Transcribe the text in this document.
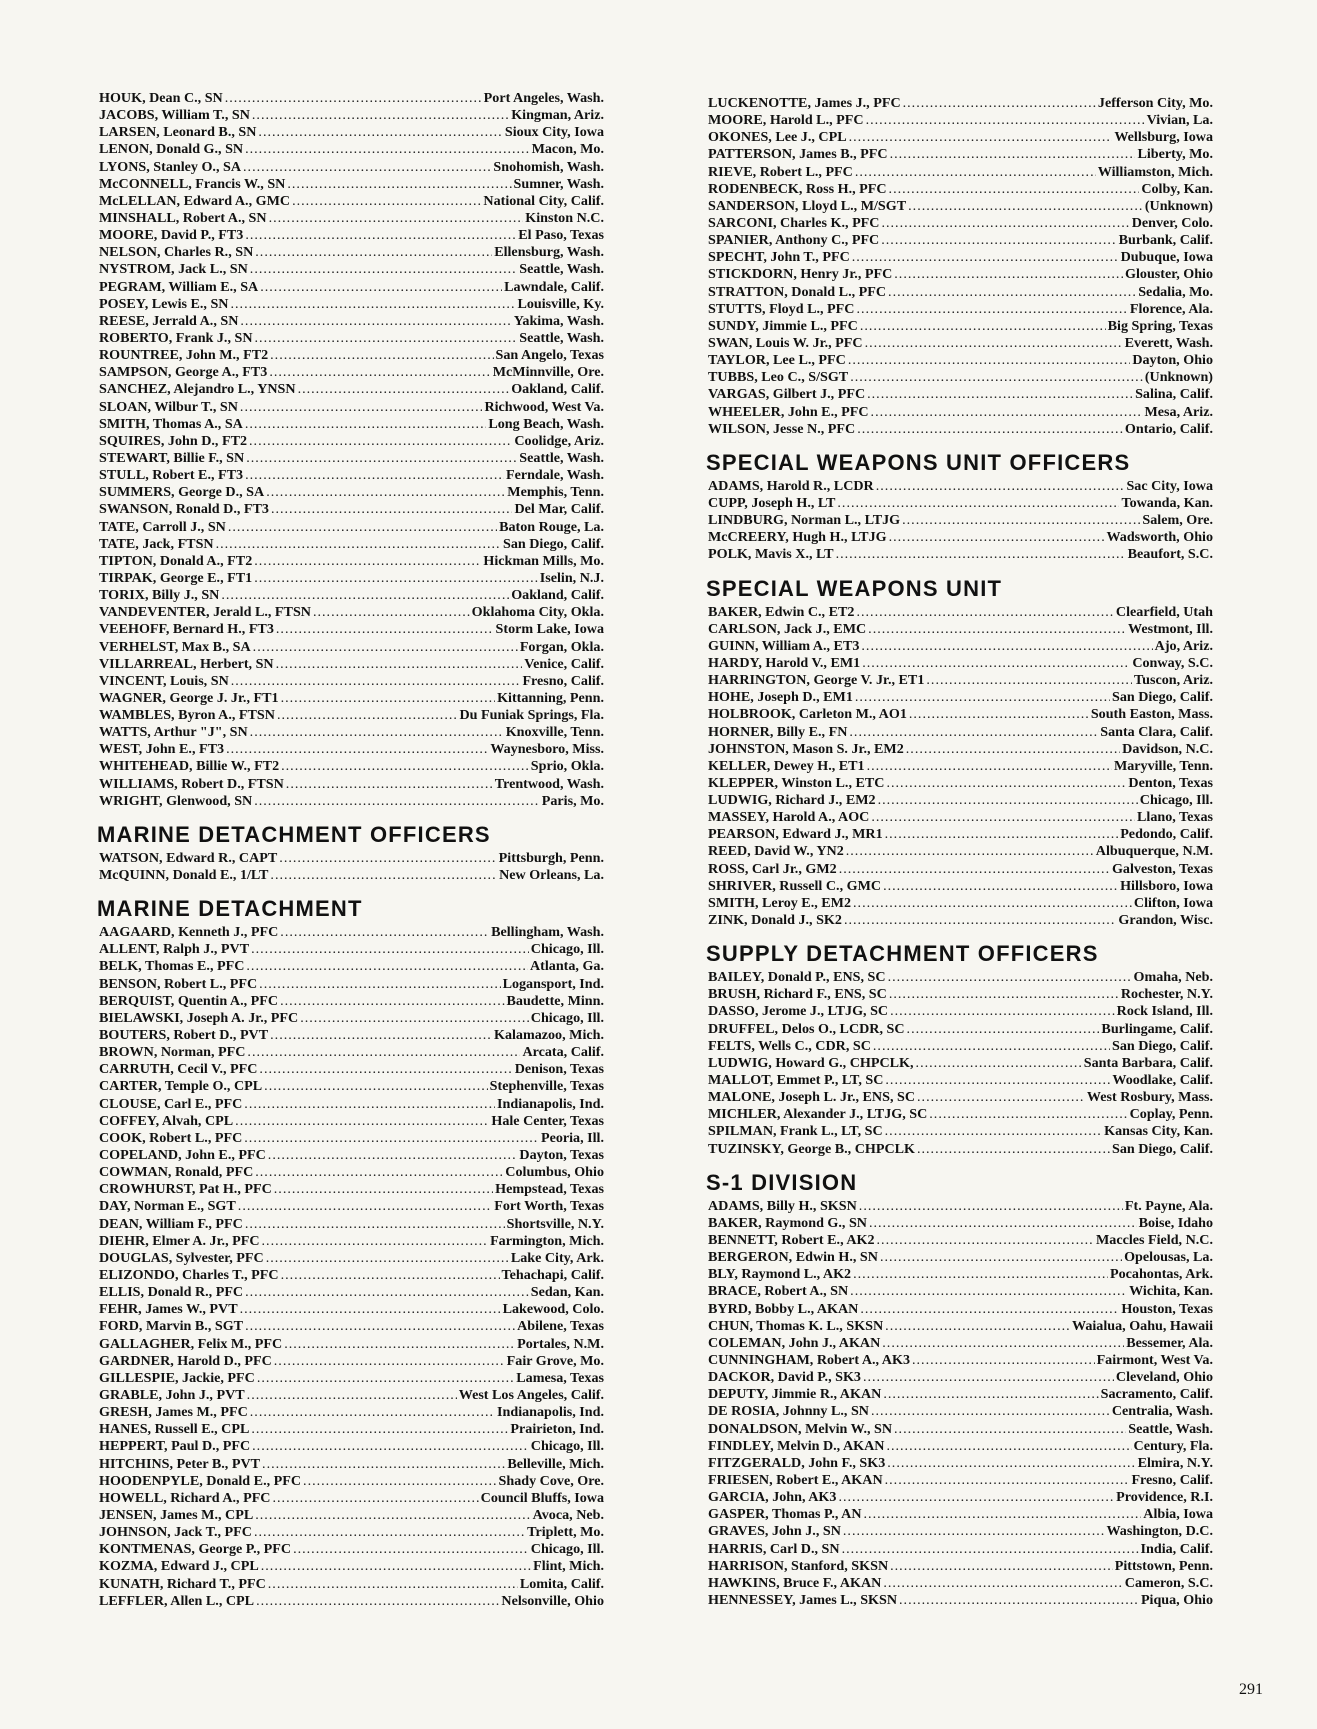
HOUK, Dean C., SN .....	Port Angeles, Wash.
JACOBS, William T., SN .....	Kingman, Ariz.
LARSEN, Leonard B., SN .....	Sioux City, Iowa
LENON, Donald G., SN .....	Macon, Mo.
LYONS, Stanley O., SA .....	Snohomish, Wash.
McCONNELL, Francis W., SN .....	Sumner, Wash.
McLELLAN, Edward A., GMC .....	National City, Calif.
MINSHALL, Robert A., SN .....	Kinston N.C.
MOORE, David P., FT3 .....	El Paso, Texas
NELSON, Charles R., SN .....	Ellensburg, Wash.
NYSTROM, Jack L., SN .....	Seattle, Wash.
PEGRAM, William E., SA .....	Lawndale, Calif.
POSEY, Lewis E., SN .....	Louisville, Ky.
REESE, Jerrald A., SN .....	Yakima, Wash.
ROBERTO, Frank J., SN .....	Seattle, Wash.
ROUNTREE, John M., FT2 .....	San Angelo, Texas
SAMPSON, George A., FT3 .....	McMinnville, Ore.
SANCHEZ, Alejandro L., YNSN .....	Oakland, Calif.
SLOAN, Wilbur T., SN .....	Richwood, West Va.
SMITH, Thomas A., SA .....	Long Beach, Wash.
SQUIRES, John D., FT2 .....	Coolidge, Ariz.
STEWART, Billie F., SN .....	Seattle, Wash.
STULL, Robert E., FT3 .....	Ferndale, Wash.
SUMMERS, George D., SA .....	Memphis, Tenn.
SWANSON, Ronald D., FT3 .....	Del Mar, Calif.
TATE, Carroll J., SN .....	Baton Rouge, La.
TATE, Jack, FTSN .....	San Diego, Calif.
TIPTON, Donald A., FT2 .....	Hickman Mills, Mo.
TIRPAK, George E., FT1 .....	Iselin, N.J.
TORIX, Billy J., SN .....	Oakland, Calif.
VANDEVENTER, Jerald L., FTSN .....	Oklahoma City, Okla.
VEEHOFF, Bernard H., FT3 .....	Storm Lake, Iowa
VERHELST, Max B., SA .....	Forgan, Okla.
VILLARREAL, Herbert, SN .....	Venice, Calif.
VINCENT, Louis, SN .....	Fresno, Calif.
WAGNER, George J. Jr., FT1 .....	Kittanning, Penn.
WAMBLES, Byron A., FTSN .....	Du Funiak Springs, Fla.
WATTS, Arthur "J", SN .....	Knoxville, Tenn.
WEST, John E., FT3 .....	Waynesboro, Miss.
WHITEHEAD, Billie W., FT2 .....	Sprio, Okla.
WILLIAMS, Robert D., FTSN .....	Trentwood, Wash.
WRIGHT, Glenwood, SN .....	Paris, Mo.
MARINE DETACHMENT OFFICERS
WATSON, Edward R., CAPT .....	Pittsburgh, Penn.
McQUINN, Donald E., 1/LT .....	New Orleans, La.
MARINE DETACHMENT
AAGAARD, Kenneth J., PFC .....	Bellingham, Wash.
ALLENT, Ralph J., PVT .....	Chicago, Ill.
BELK, Thomas E., PFC .....	Atlanta, Ga.
BENSON, Robert L., PFC .....	Logansport, Ind.
BERQUIST, Quentin A., PFC .....	Baudette, Minn.
BIELAWSKI, Joseph A. Jr., PFC .....	Chicago, Ill.
BOUTERS, Robert D., PVT .....	Kalamazoo, Mich.
BROWN, Norman, PFC .....	Arcata, Calif.
CARRUTH, Cecil V., PFC .....	Denison, Texas
CARTER, Temple O., CPL .....	Stephenville, Texas
CLOUSE, Carl E., PFC .....	Indianapolis, Ind.
COFFEY, Alvah, CPL .....	Hale Center, Texas
COOK, Robert L., PFC .....	Peoria, Ill.
COPELAND, John E., PFC .....	Dayton, Texas
COWMAN, Ronald, PFC .....	Columbus, Ohio
CROWHURST, Pat H., PFC .....	Hempstead, Texas
DAY, Norman E., SGT .....	Fort Worth, Texas
DEAN, William F., PFC .....	Shortsville, N.Y.
DIEHR, Elmer A. Jr., PFC .....	Farmington, Mich.
DOUGLAS, Sylvester, PFC .....	Lake City, Ark.
ELIZONDO, Charles T., PFC .....	Tehachapi, Calif.
ELLIS, Donald R., PFC .....	Sedan, Kan.
FEHR, James W., PVT .....	Lakewood, Colo.
FORD, Marvin B., SGT .....	Abilene, Texas
GALLAGHER, Felix M., PFC .....	Portales, N.M.
GARDNER, Harold D., PFC .....	Fair Grove, Mo.
GILLESPIE, Jackie, PFC .....	Lamesa, Texas
GRABLE, John J., PVT .....	West Los Angeles, Calif.
GRESH, James M., PFC .....	Indianapolis, Ind.
HANES, Russell E., CPL .....	Prairieton, Ind.
HEPPERT, Paul D., PFC .....	Chicago, Ill.
HITCHINS, Peter B., PVT .....	Belleville, Mich.
HOODENPYLE, Donald E., PFC .....	Shady Cove, Ore.
HOWELL, Richard A., PFC .....	Council Bluffs, Iowa
JENSEN, James M., CPL .....	Avoca, Neb.
JOHNSON, Jack T., PFC .....	Triplett, Mo.
KONTMENAS, George P., PFC .....	Chicago, Ill.
KOZMA, Edward J., CPL .....	Flint, Mich.
KUNATH, Richard T., PFC .....	Lomita, Calif.
LEFFLER, Allen L., CPL .....	Nelsonville, Ohio
LUCKENOTTE, James J., PFC .....	Jefferson City, Mo.
MOORE, Harold L., PFC .....	Vivian, La.
OKONES, Lee J., CPL .....	Wellsburg, Iowa
PATTERSON, James B., PFC .....	Liberty, Mo.
RIEVE, Robert L., PFC .....	Williamston, Mich.
RODENBECK, Ross H., PFC .....	Colby, Kan.
SANDERSON, Lloyd L., M/SGT .....	(Unknown)
SARCONI, Charles K., PFC .....	Denver, Colo.
SPANIER, Anthony C., PFC .....	Burbank, Calif.
SPECHT, John T., PFC .....	Dubuque, Iowa
STICKDORN, Henry Jr., PFC .....	Glouster, Ohio
STRATTON, Donald L., PFC .....	Sedalia, Mo.
STUTTS, Floyd L., PFC .....	Florence, Ala.
SUNDY, Jimmie L., PFC .....	Big Spring, Texas
SWAN, Louis W. Jr., PFC .....	Everett, Wash.
TAYLOR, Lee L., PFC .....	Dayton, Ohio
TUBBS, Leo C., S/SGT .....	(Unknown)
VARGAS, Gilbert J., PFC .....	Salina, Calif.
WHEELER, John E., PFC .....	Mesa, Ariz.
WILSON, Jesse N., PFC .....	Ontario, Calif.
SPECIAL WEAPONS UNIT OFFICERS
ADAMS, Harold R., LCDR .....	Sac City, Iowa
CUPP, Joseph H., LT .....	Towanda, Kan.
LINDBURG, Norman L., LTJG .....	Salem, Ore.
McCREERY, Hugh H., LTJG .....	Wadsworth, Ohio
POLK, Mavis X., LT .....	Beaufort, S.C.
SPECIAL WEAPONS UNIT
BAKER, Edwin C., ET2 .....	Clearfield, Utah
CARLSON, Jack J., EMC .....	Westmont, Ill.
GUINN, William A., ET3 .....	Ajo, Ariz.
HARDY, Harold V., EM1 .....	Conway, S.C.
HARRINGTON, George V. Jr., ET1 .....	Tuscon, Ariz.
HOHE, Joseph D., EM1 .....	San Diego, Calif.
HOLBROOK, Carleton M., AO1 .....	South Easton, Mass.
HORNER, Billy E., FN .....	Santa Clara, Calif.
JOHNSTON, Mason S. Jr., EM2 .....	Davidson, N.C.
KELLER, Dewey H., ET1 .....	Maryville, Tenn.
KLEPPER, Winston L., ETC .....	Denton, Texas
LUDWIG, Richard J., EM2 .....	Chicago, Ill.
MASSEY, Harold A., AOC .....	Llano, Texas
PEARSON, Edward J., MR1 .....	Pedondo, Calif.
REED, David W., YN2 .....	Albuquerque, N.M.
ROSS, Carl Jr., GM2 .....	Galveston, Texas
SHRIVER, Russell C., GMC .....	Hillsboro, Iowa
SMITH, Leroy E., EM2 .....	Clifton, Iowa
ZINK, Donald J., SK2 .....	Grandon, Wisc.
SUPPLY DETACHMENT OFFICERS
BAILEY, Donald P., ENS, SC .....	Omaha, Neb.
BRUSH, Richard F., ENS, SC .....	Rochester, N.Y.
DASSO, Jerome J., LTJG, SC .....	Rock Island, Ill.
DRUFFEL, Delos O., LCDR, SC .....	Burlingame, Calif.
FELTS, Wells C., CDR, SC .....	San Diego, Calif.
LUDWIG, Howard G., CHPCLK, .....	Santa Barbara, Calif.
MALLOT, Emmet P., LT, SC .....	Woodlake, Calif.
MALONE, Joseph L. Jr., ENS, SC .....	West Rosbury, Mass.
MICHLER, Alexander J., LTJG, SC .....	Coplay, Penn.
SPILMAN, Frank L., LT, SC .....	Kansas City, Kan.
TUZINSKY, George B., CHPCLK .....	San Diego, Calif.
S-1 DIVISION
ADAMS, Billy H., SKSN .....	Ft. Payne, Ala.
BAKER, Raymond G., SN .....	Boise, Idaho
BENNETT, Robert E., AK2 .....	Maccles Field, N.C.
BERGERON, Edwin H., SN .....	Opelousas, La.
BLY, Raymond L., AK2 .....	Pocahontas, Ark.
BRACE, Robert A., SN .....	Wichita, Kan.
BYRD, Bobby L., AKAN .....	Houston, Texas
CHUN, Thomas K. L., SKSN .....	Waialua, Oahu, Hawaii
COLEMAN, John J., AKAN .....	Bessemer, Ala.
CUNNINGHAM, Robert A., AK3 .....	Fairmont, West Va.
DACKOR, David P., SK3 .....	Cleveland, Ohio
DEPUTY, Jimmie R., AKAN .....	Sacramento, Calif.
DE ROSIA, Johnny L., SN .....	Centralia, Wash.
DONALDSON, Melvin W., SN .....	Seattle, Wash.
FINDLEY, Melvin D., AKAN .....	Century, Fla.
FITZGERALD, John F., SK3 .....	Elmira, N.Y.
FRIESEN, Robert E., AKAN .....	Fresno, Calif.
GARCIA, John, AK3 .....	Providence, R.I.
GASPER, Thomas P., AN .....	Albia, Iowa
GRAVES, John J., SN .....	Washington, D.C.
HARRIS, Carl D., SN .....	India, Calif.
HARRISON, Stanford, SKSN .....	Pittstown, Penn.
HAWKINS, Bruce F., AKAN .....	Cameron, S.C.
HENNESSEY, James L., SKSN .....	Piqua, Ohio
291
